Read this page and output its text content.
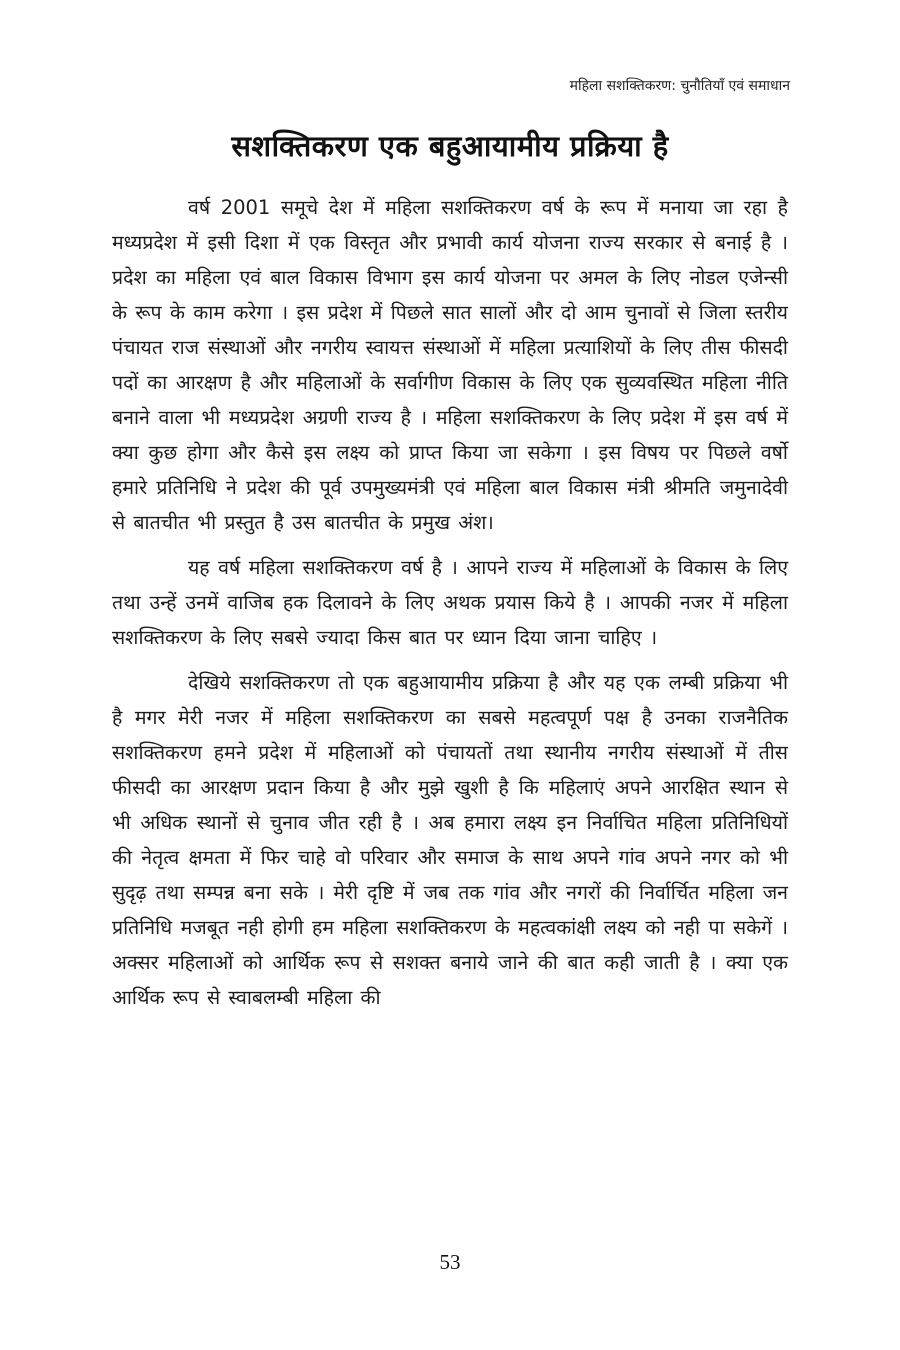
महिला सशक्तिकरण: चुनौतियाँ एवं समाधान
सशक्तिकरण एक बहुआयामीय प्रक्रिया है

वर्ष 2001 समूचे देश में महिला सशक्तिकरण वर्ष के रूप में मनाया जा रहा है मध्यप्रदेश में इसी दिशा में एक विस्तृत और प्रभावी कार्य योजना राज्य सरकार से बनाई है । प्रदेश का महिला एवं बाल विकास विभाग इस कार्य योजना पर अमल के लिए नोडल एजेन्सी के रूप के काम करेगा । इस प्रदेश में पिछले सात सालों और दो आम चुनावों से जिला स्तरीय पंचायत राज संस्थाओं और नगरीय स्वायत्त संस्थाओं में महिला प्रत्याशियों के लिए तीस फीसदी पदों का आरक्षण है और महिलाओं के सर्वागीण विकास के लिए एक सुव्यवस्थित महिला नीति बनाने वाला भी मध्यप्रदेश अग्रणी राज्य है । महिला सशक्तिकरण के लिए प्रदेश में इस वर्ष में क्या कुछ होगा और कैसे इस लक्ष्य को प्राप्त किया जा सकेगा । इस विषय पर पिछले वर्षो हमारे प्रतिनिधि ने प्रदेश की पूर्व उपमुख्यमंत्री एवं महिला बाल विकास मंत्री श्रीमति जमुनादेवी से बातचीत भी प्रस्तुत है उस बातचीत के प्रमुख अंश।

यह वर्ष महिला सशक्तिकरण वर्ष है । आपने राज्य में महिलाओं के विकास के लिए तथा उन्हें उनमें वाजिब हक दिलावने के लिए अथक प्रयास किये है । आपकी नजर में महिला सशक्तिकरण के लिए सबसे ज्यादा किस बात पर ध्यान दिया जाना चाहिए ।

देखिये सशक्तिकरण तो एक बहुआयामीय प्रक्रिया है और यह एक लम्बी प्रक्रिया भी है मगर मेरी नजर में महिला सशक्तिकरण का सबसे महत्वपूर्ण पक्ष है उनका राजनैतिक सशक्तिकरण हमने प्रदेश में महिलाओं को पंचायतों तथा स्थानीय नगरीय संस्थाओं में तीस फीसदी का आरक्षण प्रदान किया है और मुझे खुशी है कि महिलाएं अपने आरक्षित स्थान से भी अधिक स्थानों से चुनाव जीत रही है । अब हमारा लक्ष्य इन निर्वाचित महिला प्रतिनिधियों की नेतृत्व क्षमता में फिर चाहे वो परिवार और समाज के साथ अपने गांव अपने नगर को भी सुदृढ़ तथा सम्पन्न बना सके । मेरी दृष्टि में जब तक गांव और नगरों की निर्वार्चित महिला जन प्रतिनिधि मजबूत नही होगी हम महिला सशक्तिकरण के महत्वकांक्षी लक्ष्य को नही पा सकेगें । अक्सर महिलाओं को आर्थिक रूप से सशक्त बनाये जाने की बात कही जाती है । क्या एक आर्थिक रूप से स्वाबलम्बी महिला की

53
